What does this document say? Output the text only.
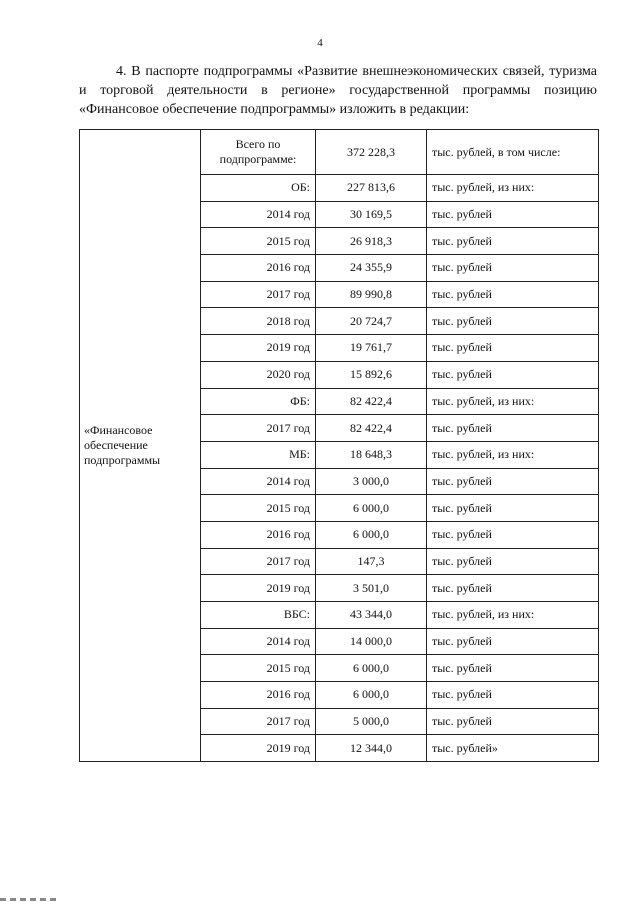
4

4. В паспорте подпрограммы «Развитие внешнеэкономических связей, туризма и торговой деятельности в регионе» государственной программы позицию «Финансовое обеспечение подпрограммы» изложить в редакции:

«Финансовое обеспечение подпрограммы	Всего по подпрограмме:	372 228,3	тыс. рублей, в том числе:
	ОБ:	227 813,6	тыс. рублей, из них:
	2014 год	30 169,5	тыс. рублей
	2015 год	26 918,3	тыс. рублей
	2016 год	24 355,9	тыс. рублей
	2017 год	89 990,8	тыс. рублей
	2018 год	20 724,7	тыс. рублей
	2019 год	19 761,7	тыс. рублей
	2020 год	15 892,6	тыс. рублей
	ФБ:	82 422,4	тыс. рублей, из них:
	2017 год	82 422,4	тыс. рублей
	МБ:	18 648,3	тыс. рублей, из них:
	2014 год	3 000,0	тыс. рублей
	2015 год	6 000,0	тыс. рублей
	2016 год	6 000,0	тыс. рублей
	2017 год	147,3	тыс. рублей
	2019 год	3 501,0	тыс. рублей
	ВБС:	43 344,0	тыс. рублей, из них:
	2014 год	14 000,0	тыс. рублей
	2015 год	6 000,0	тыс. рублей
	2016 год	6 000,0	тыс. рублей
	2017 год	5 000,0	тыс. рублей
	2019 год	12 344,0	тыс. рублей»
